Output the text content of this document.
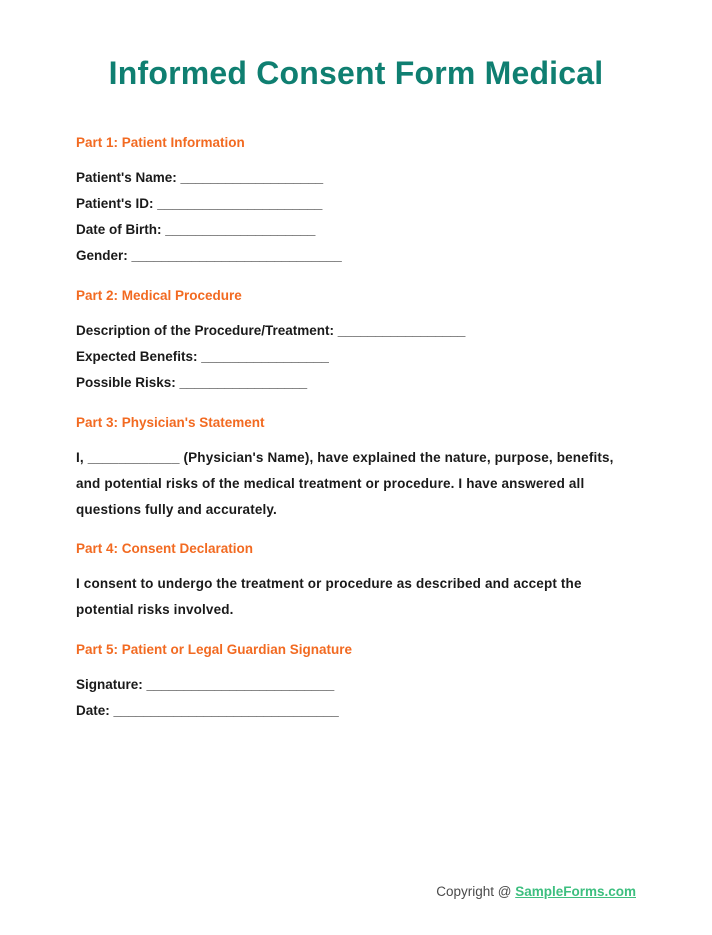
Informed Consent Form Medical
Part 1: Patient Information

Patient's Name: ___________________

Patient's ID: ______________________

Date of Birth: ____________________

Gender: ____________________________

Part 2: Medical Procedure

Description of the Procedure/Treatment: _________________

Expected Benefits: _________________

Possible Risks: _________________

Part 3: Physician's Statement

I, ____________ (Physician's Name), have explained the nature, purpose, benefits,

and potential risks of the medical treatment or procedure. I have answered all

questions fully and accurately.

Part 4: Consent Declaration

I consent to undergo the treatment or procedure as described and accept the

potential risks involved.

Part 5: Patient or Legal Guardian Signature

Signature: _________________________

Date: ______________________________

Copyright @ SampleForms.com
